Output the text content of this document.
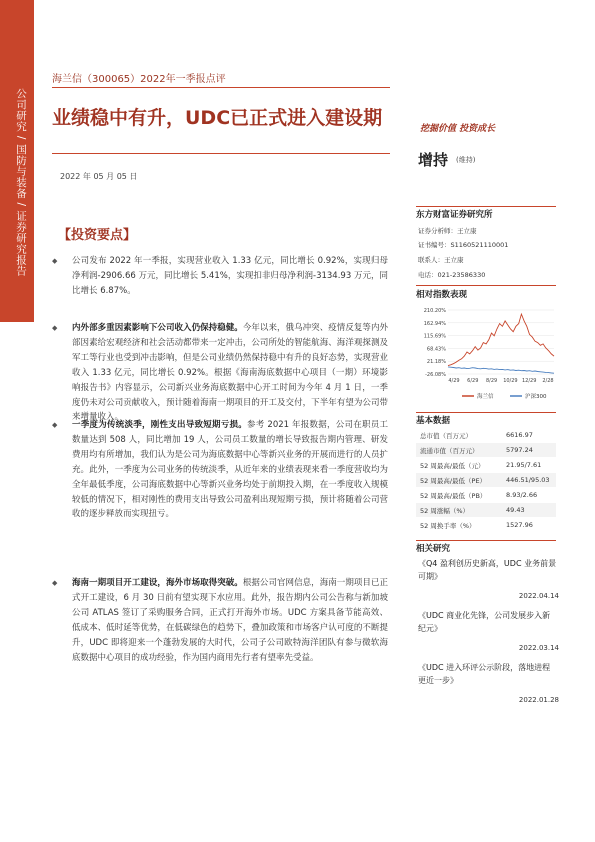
公司研究 / 国防与装备 / 证券研究报告
海兰信（300065）2022年一季报点评
业绩稳中有升，UDC已正式进入建设期	挖掘价值 投资成长
增持 (维持)
2022 年 05 月 05 日
【投资要点】
◆ 公司发布 2022 年一季报，实现营业收入 1.33 亿元，同比增长 0.92%，实现归母净利润-2906.66 万元，同比增长 5.41%，实现扣非归母净利润-3134.93 万元，同比增长 6.87%。
◆ 内外部多重因素影响下公司收入仍保持稳健。今年以来，俄乌冲突、疫情反复等内外部因素给宏观经济和社会活动都带来一定冲击，公司所处的智能航海、海洋观探测及军工等行业也受到冲击影响，但是公司业绩仍然保持稳中有升的良好态势，实现营业收入 1.33 亿元，同比增长 0.92%。根据《海南海底数据中心项目（一期）环境影响报告书》内容显示，公司新兴业务海底数据中心开工时间为今年 4 月 1 日，一季度仍未对公司贡献收入，预计随着海南一期项目的开工及交付，下半年有望为公司带来增量收入。
◆ 一季度为传统淡季，刚性支出导致短期亏损。参考 2021 年报数据，公司在职员工数量达到 508 人，同比增加 19 人，公司员工数量的增长导致报告期内管理、研发费用均有所增加，我们认为是公司为海底数据中心等新兴业务的开展而进行的人员扩充。此外，一季度为公司业务的传统淡季，从近年来的业绩表现来看一季度营收均为全年最低季度，公司海底数据中心等新兴业务均处于前期投入期，在一季度收入规模较低的情况下，相对刚性的费用支出导致公司盈利出现短期亏损，预计将随着公司营收的逐步释放而实现扭亏。
◆ 海南一期项目开工建设，海外市场取得突破。根据公司官网信息，海南一期项目已正式开工建设，6 月 30 日前有望实现下水应用。此外，报告期内公司公告称与新加坡公司 ATLAS 签订了采购服务合同，正式打开海外市场。UDC 方案具备节能高效、低成本、低时延等优势，在低碳绿色的趋势下，叠加政策和市场客户认可度的不断提升，UDC 即将迎来一个蓬勃发展的大时代，公司子公司欧特海洋团队有参与微软海底数据中心项目的成功经验，作为国内商用先行者有望率先受益。
东方财富证券研究所
证券分析师：王立康
证书编号：S1160521110001
联系人：王立康
电话：021-23586330
相对指数表现
210.20%
162.94%
115.69%
68.43%
21.18%
-26.08%
4/29 6/29 8/29 10/29 12/29 2/28
海兰信	沪深300
基本数据
总市值（百万元）	6616.97
流通市值（百万元）	5797.24
52 周最高/最低（元）	21.95/7.61
52 周最高/最低（PE）	446.51/95.03
52 周最高/最低（PB）	8.93/2.66
52 周涨幅（%）	49.43
52 周换手率（%）	1527.96
相关研究
《Q4 盈利创历史新高，UDC 业务前景可期》
2022.04.14
《UDC 商业化先锋，公司发展步入新纪元》
2022.03.14
《UDC 进入环评公示阶段，落地进程更近一步》
2022.01.28
